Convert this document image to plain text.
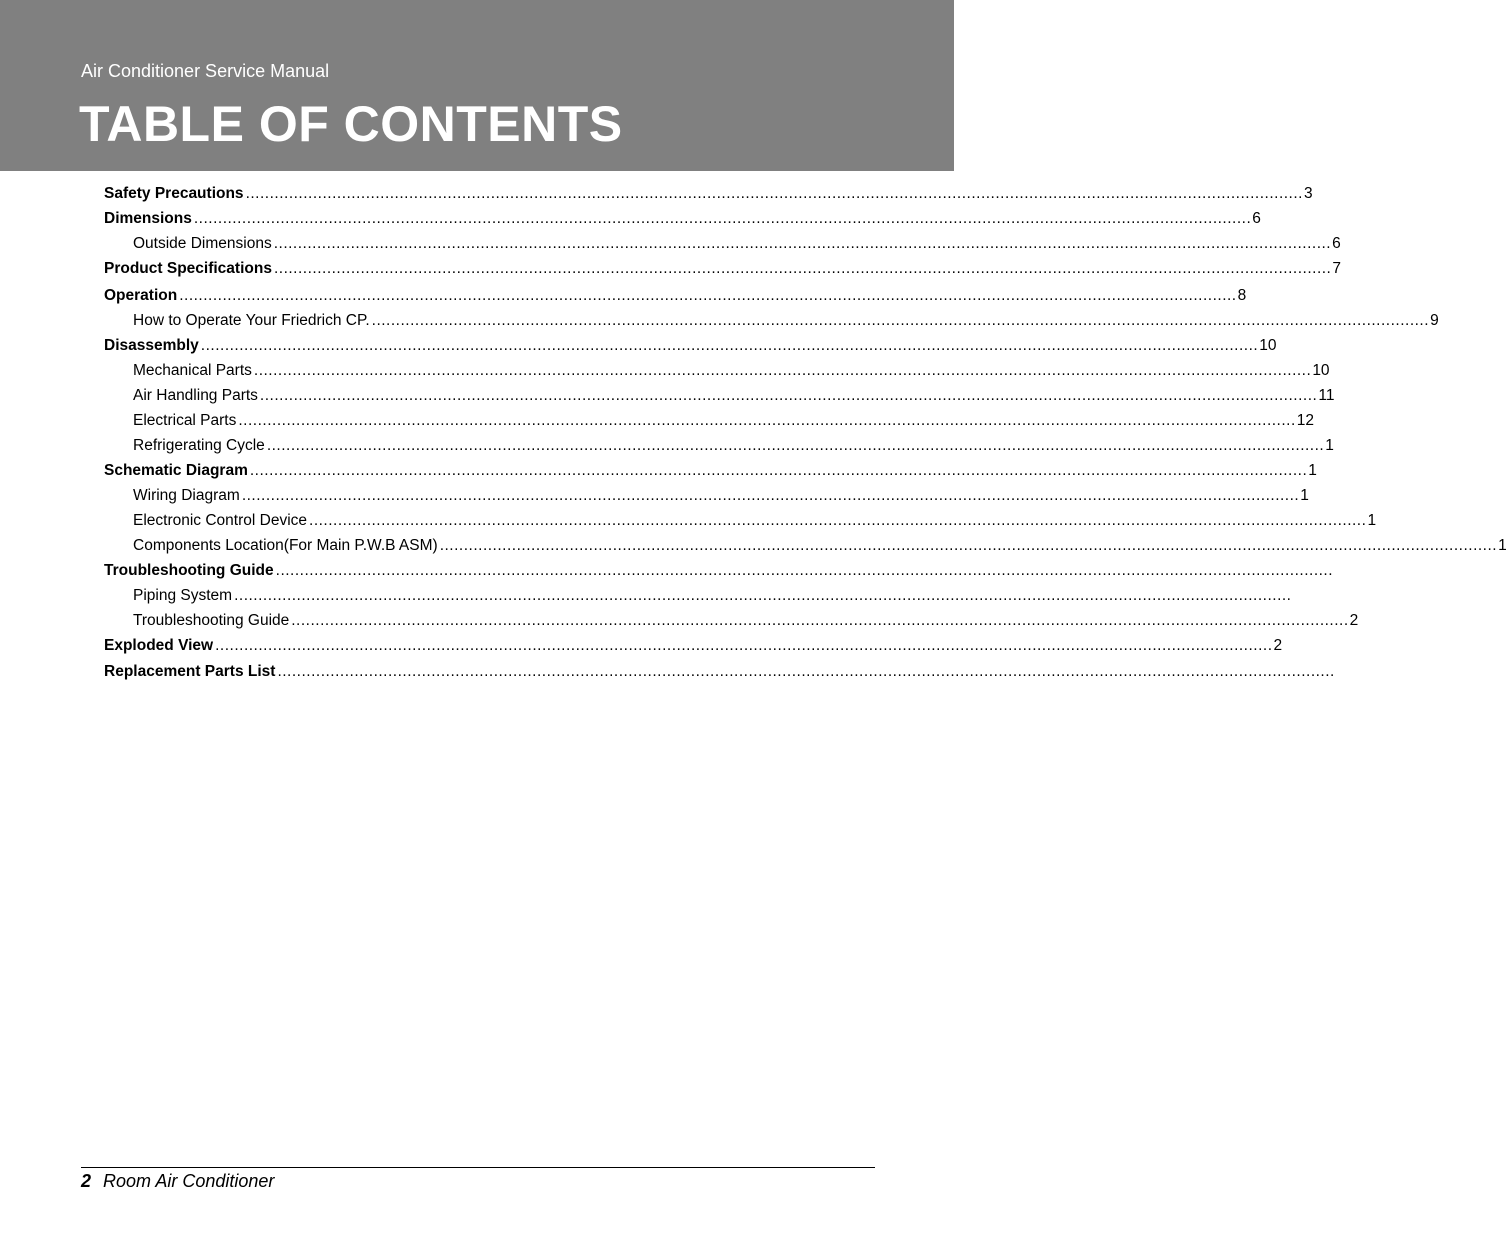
Air Conditioner Service Manual
TABLE OF CONTENTS
Safety Precautions ............................................................................................................................................................................................................................ 3
Dimensions ............................................................................................................................................................................................................................ 6
Outside Dimensions ............................................................................................................................................................................................................................ 6
Product Specifications ............................................................................................................................................................................................................................ 7
Operation ............................................................................................................................................................................................................................ 8
How to Operate Your Friedrich CP. ............................................................................................................................................................................................................................ 9
Disassembly ............................................................................................................................................................................................................................ 10
Mechanical Parts ............................................................................................................................................................................................................................ 10
Air Handling Parts ............................................................................................................................................................................................................................ 11
Electrical Parts ............................................................................................................................................................................................................................ 12
Refrigerating Cycle ............................................................................................................................................................................................................................ 1
Schematic Diagram ............................................................................................................................................................................................................................ 1
Wiring Diagram ............................................................................................................................................................................................................................ 1
Electronic Control Device ............................................................................................................................................................................................................................ 1
Components Location(For Main P.W.B ASM) ............................................................................................................................................................................................................................ 1
Troubleshooting Guide ............................................................................................................................................................................................................................
Piping System ............................................................................................................................................................................................................................
Troubleshooting Guide ............................................................................................................................................................................................................................ 2
Exploded View ............................................................................................................................................................................................................................ 2
Replacement Parts List ............................................................................................................................................................................................................................
2 Room Air Conditioner
